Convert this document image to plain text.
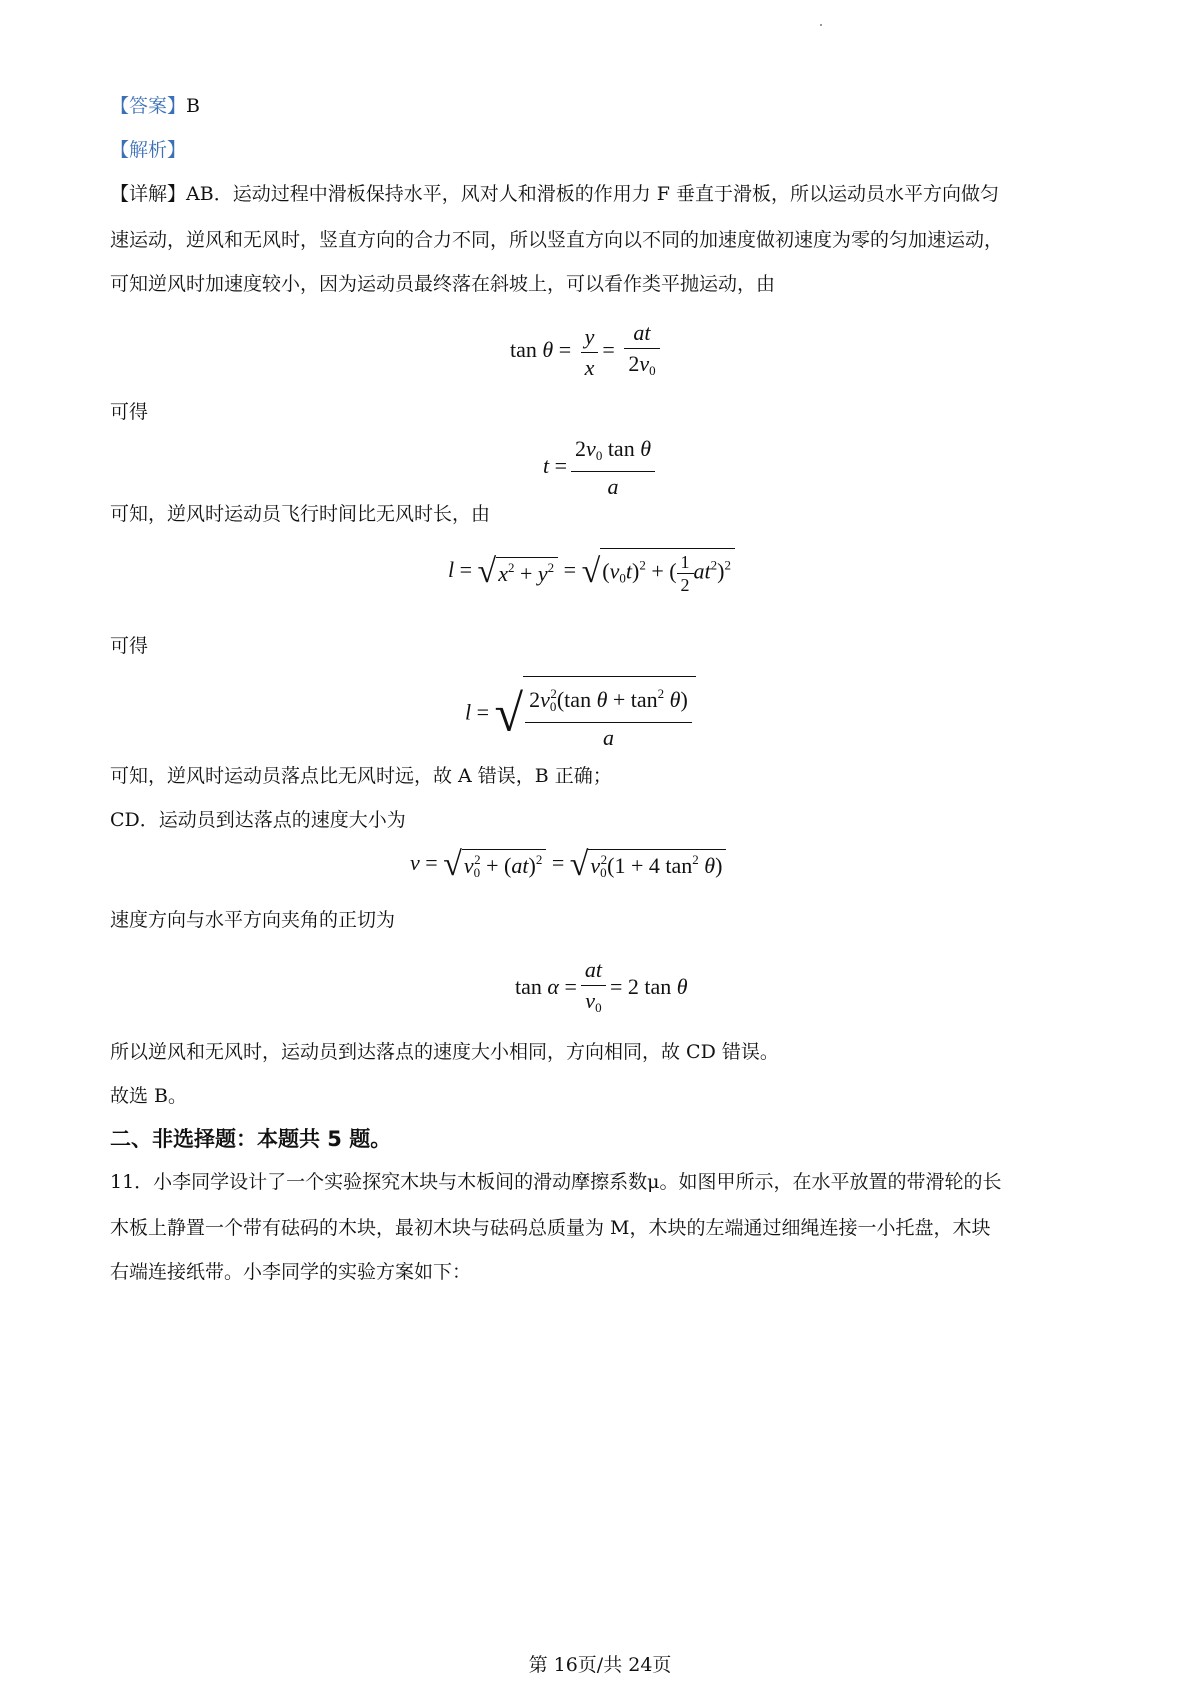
【答案】B
【解析】
【详解】AB．运动过程中滑板保持水平，风对人和滑板的作用力 F 垂直于滑板，所以运动员水平方向做匀
速运动，逆风和无风时，竖直方向的合力不同，所以竖直方向以不同的加速度做初速度为零的匀加速运动，
可知逆风时加速度较小，因为运动员最终落在斜坡上，可以看作类平抛运动，由
$\tan \theta = \frac{y}{x} = \frac{at}{2v_0}$
可得
$t = \frac{2v_0 \tan \theta}{a}$
可知，逆风时运动员飞行时间比无风时长，由
$l = √x^2 + y^2 = √(v_0t)^2$ + ( $\frac{1}{2} at^2)^2$
可得
l = √ $\frac{2v_0^2(\tan \theta + \tan^2 \theta)}{a}$
可知，逆风时运动员落点比无风时远，故 A 错误，B 正确；
CD．运动员到达落点的速度大小为
$v = √v_0^2 + (at)^2 = √v_0^2(1 + 4$ $\tan^2 \theta$)
速度方向与水平方向夹角的正切为
$\tan \alpha = \frac{at}{v_0} = 2$ tan θ
所以逆风和无风时，运动员到达落点的速度大小相同，方向相同，故 CD 错误。
故选 B。
二、非选择题：本题共 5 题。
11．小李同学设计了一个实验探究木块与木板间的滑动摩擦系数μ。如图甲所示，在水平放置的带滑轮的长
木板上静置一个带有砝码的木块，最初木块与砝码总质量为 M，木块的左端通过细绳连接一小托盘，木块
右端连接纸带。小李同学的实验方案如下：
第 16页/共 24页
